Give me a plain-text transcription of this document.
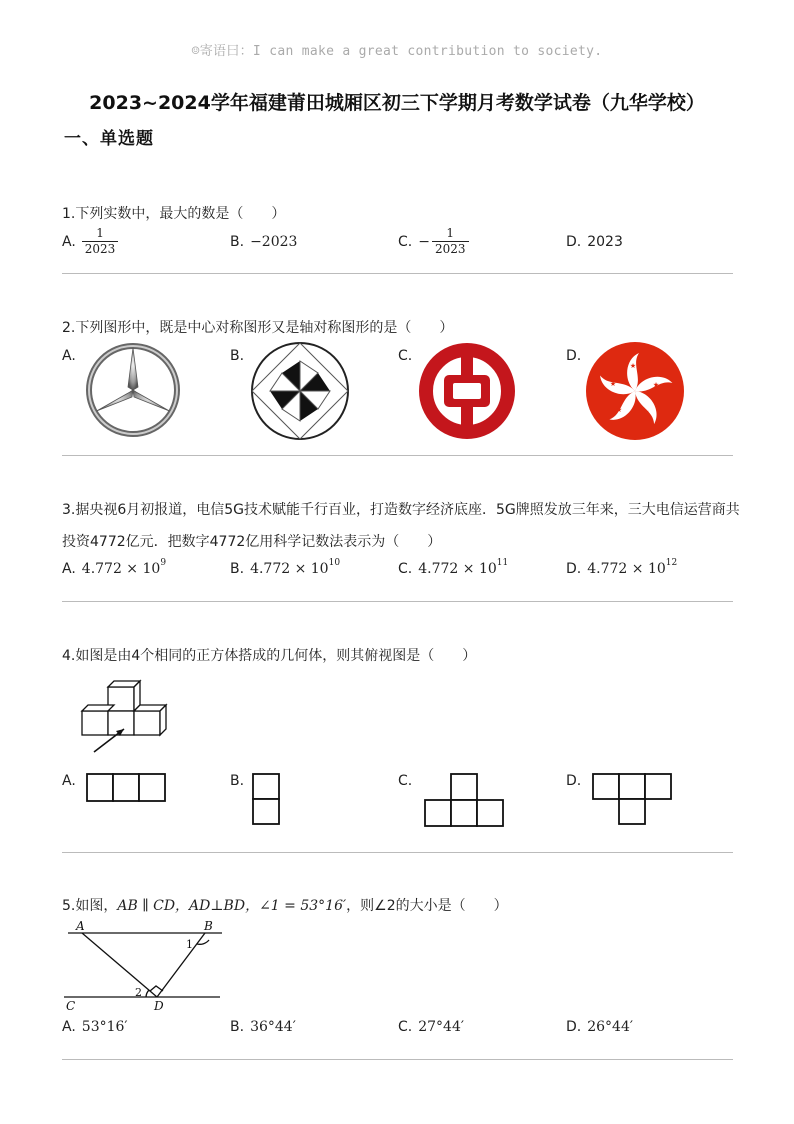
☺寄语曰：I can make a great contribution to society.
2023~2024学年福建莆田城厢区初三下学期月考数学试卷（九华学校）
一、单选题
1.下列实数中，最大的数是（　　）
A. $\frac{1}{2023}$	B. −2023	C. − $\frac{1}{2023}$	D. 2023
2.下列图形中，既是中心对称图形又是轴对称图形的是（　　）
A.	B.	C.	D.
★
★
★
★
★
3.据央视6月初报道，电信5G技术赋能千行百业，打造数字经济底座．5G牌照发放三年来，三大电信运营商共
投资4772亿元．把数字4772亿用科学记数法表示为（　　）
A. $4.772 \times 10^9$	B. $4.772 \times 10^{10}$	C. $4.772 \times 10^{11}$	D. $4.772 \times 10^{12}$
4.如图是由4个相同的正方体搭成的几何体，则其俯视图是（　　）
A.	B.	C.	D.
5.如图， AB ∥ CD，AD⊥BD，∠1 = 53°16′ ，则∠2的大小是（　　）
A	B
C	D
1
2
A. 53°16′	B. 36°44′	C. 27°44′	D. 26°44′
